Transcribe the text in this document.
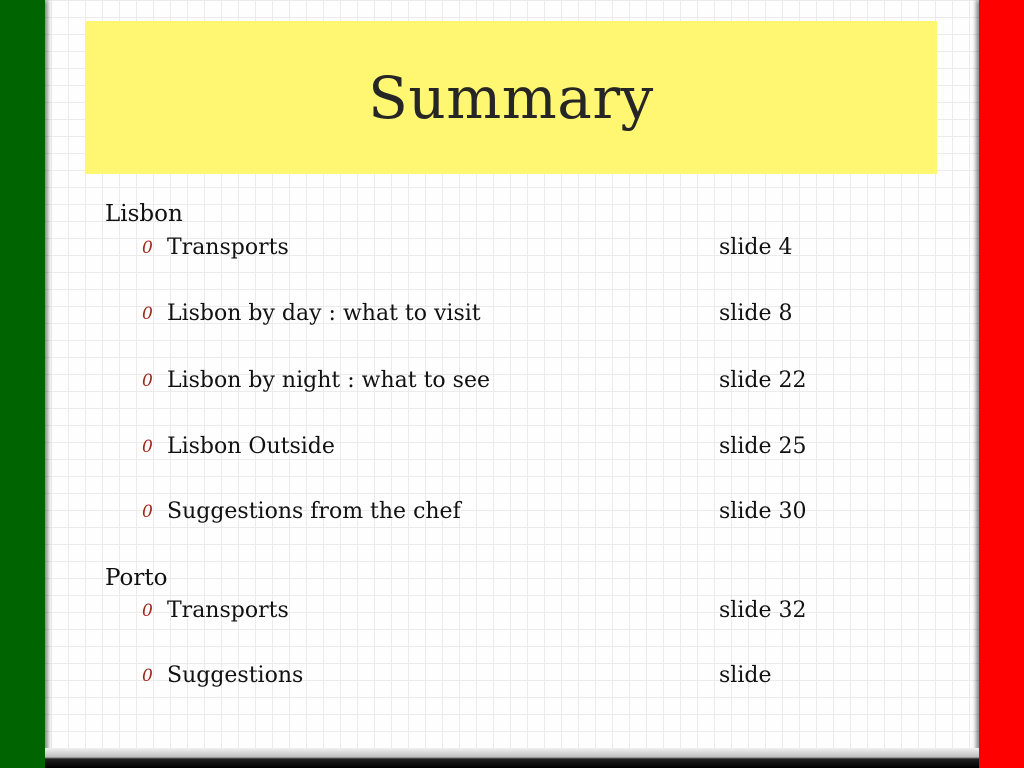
Summary
Lisbon
0 Transports	slide 4
0 Lisbon by day : what to visit	slide 8
0 Lisbon by night : what to see	slide 22
0 Lisbon Outside	slide 25
0 Suggestions from the chef	slide 30
Porto
0 Transports	slide 32
0 Suggestions	slide
